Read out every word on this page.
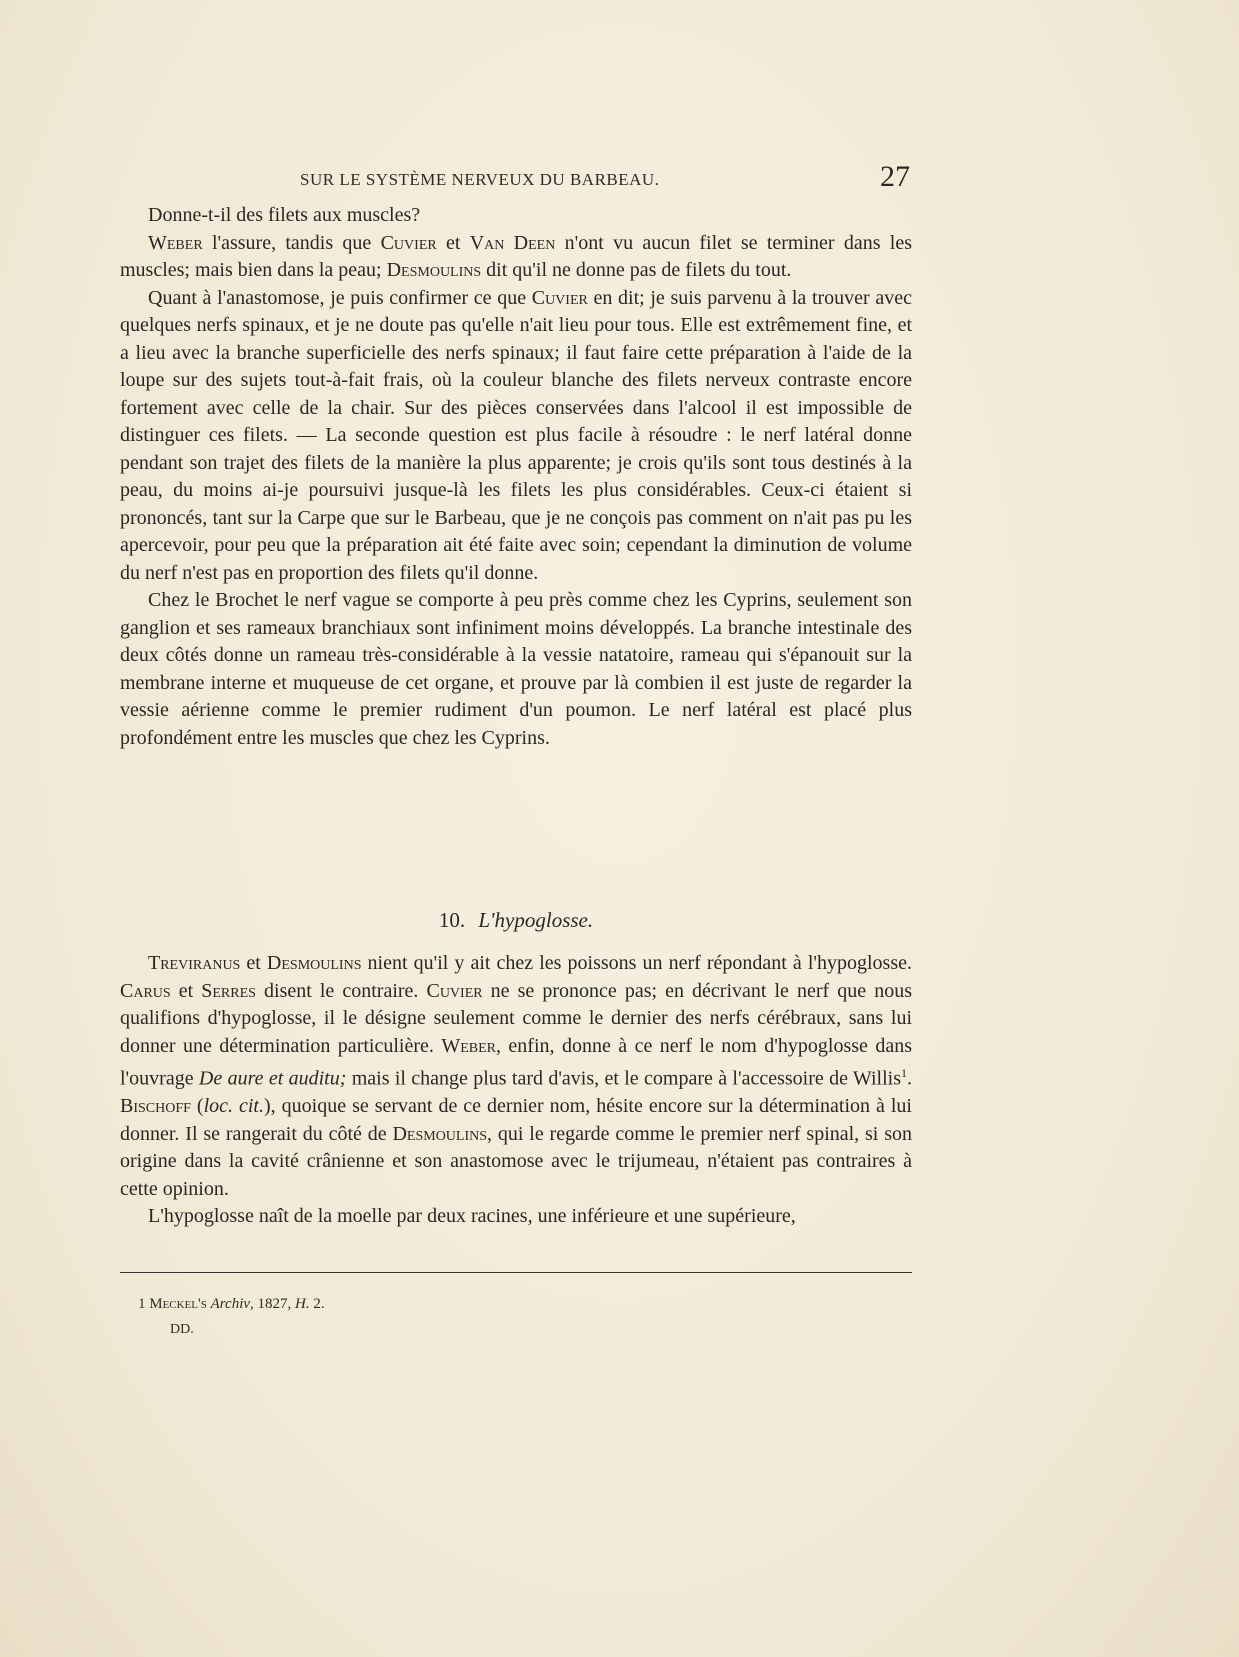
SUR LE SYSTÈME NERVEUX DU BARBEAU.	27

Donne-t-il des filets aux muscles?

Weber l'assure, tandis que Cuvier et Van Deen n'ont vu aucun filet se terminer dans les muscles; mais bien dans la peau; Desmoulins dit qu'il ne donne pas de filets du tout.

Quant à l'anastomose, je puis confirmer ce que Cuvier en dit; je suis parvenu à la trouver avec quelques nerfs spinaux, et je ne doute pas qu'elle n'ait lieu pour tous. Elle est extrêmement fine, et a lieu avec la branche superficielle des nerfs spinaux; il faut faire cette préparation à l'aide de la loupe sur des sujets tout-à-fait frais, où la couleur blanche des filets nerveux contraste encore fortement avec celle de la chair. Sur des pièces conservées dans l'alcool il est impossible de distinguer ces filets. — La seconde question est plus facile à résoudre : le nerf latéral donne pendant son trajet des filets de la manière la plus apparente; je crois qu'ils sont tous destinés à la peau, du moins ai-je poursuivi jusque-là les filets les plus considérables. Ceux-ci étaient si prononcés, tant sur la Carpe que sur le Barbeau, que je ne conçois pas comment on n'ait pas pu les apercevoir, pour peu que la préparation ait été faite avec soin; cependant la diminution de volume du nerf n'est pas en proportion des filets qu'il donne.

Chez le Brochet le nerf vague se comporte à peu près comme chez les Cyprins, seulement son ganglion et ses rameaux branchiaux sont infiniment moins développés. La branche intestinale des deux côtés donne un rameau très-considérable à la vessie natatoire, rameau qui s'épanouit sur la membrane interne et muqueuse de cet organe, et prouve par là combien il est juste de regarder la vessie aérienne comme le premier rudiment d'un poumon. Le nerf latéral est placé plus profondément entre les muscles que chez les Cyprins.

10. L'hypoglosse.

Treviranus et Desmoulins nient qu'il y ait chez les poissons un nerf répondant à l'hypoglosse. Carus et Serres disent le contraire. Cuvier ne se prononce pas; en décrivant le nerf que nous qualifions d'hypoglosse, il le désigne seulement comme le dernier des nerfs cérébraux, sans lui donner une détermination particulière. Weber, enfin, donne à ce nerf le nom d'hypoglosse dans l'ouvrage De aure et auditu; mais il change plus tard d'avis, et le compare à l'accessoire de Willis$^1$. Bischoff (loc. cit.), quoique se servant de ce dernier nom, hésite encore sur la détermination à lui donner. Il se rangerait du côté de Desmoulins, qui le regarde comme le premier nerf spinal, si son origine dans la cavité crânienne et son anastomose avec le trijumeau, n'étaient pas contraires à cette opinion.

L'hypoglosse naît de la moelle par deux racines, une inférieure et une supérieure,

1 Meckel's Archiv, 1827, H. 2.
DD.
